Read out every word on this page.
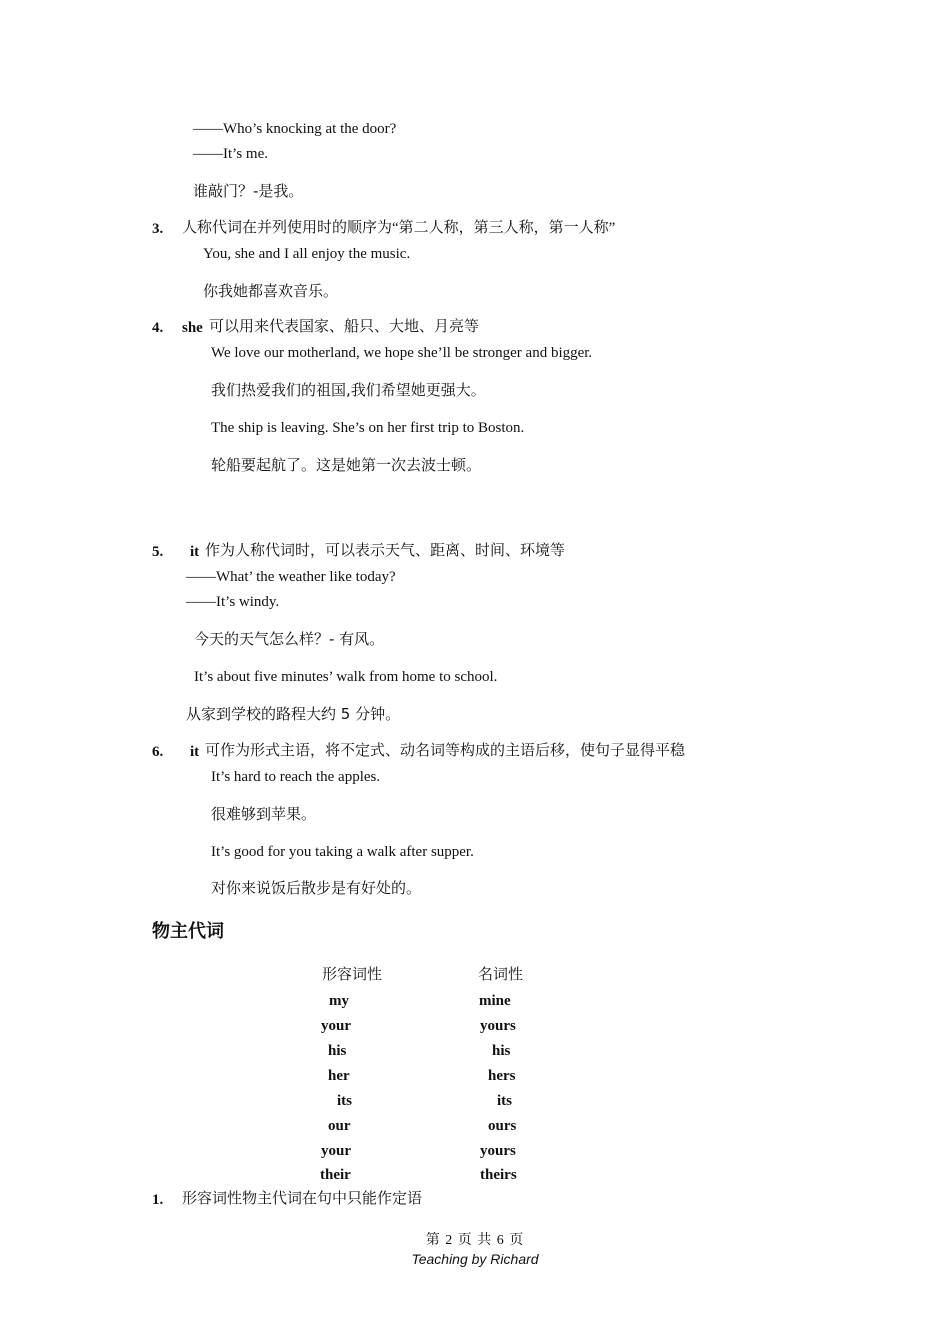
——Who’s knocking at the door?
——It’s me.
谁敲门？-是我。
3. 人称代词在并列使用时的顺序为“第二人称，第三人称，第一人称”
You, she and I all enjoy the music.
你我她都喜欢音乐。
4. she 可以用来代表国家、船只、大地、月亮等
We love our motherland, we hope she’ll be stronger and bigger.
我们热爱我们的祖国,我们希望她更强大。
The ship is leaving. She’s on her first trip to Boston.
轮船要起航了。这是她第一次去波士顿。
5. it 作为人称代词时，可以表示天气、距离、时间、环境等
——What’ the weather like today?
——It’s windy.
今天的天气怎么样？- 有风。
It’s about five minutes’ walk from home to school.
从家到学校的路程大约 5 分钟。
6. it 可作为形式主语，将不定式、动名词等构成的主语后移，使句子显得平稳
It’s hard to reach the apples.
很难够到苹果。
It’s good for you taking a walk after supper.
对你来说饭后散步是有好处的。
物主代词
形容词性	名词性
my	mine
your	yours
his	his
her	hers
its	its
our	ours
your	yours
their	theirs
1. 形容词性物主代词在句中只能作定语
第 2 页 共 6 页
Teaching by Richard
